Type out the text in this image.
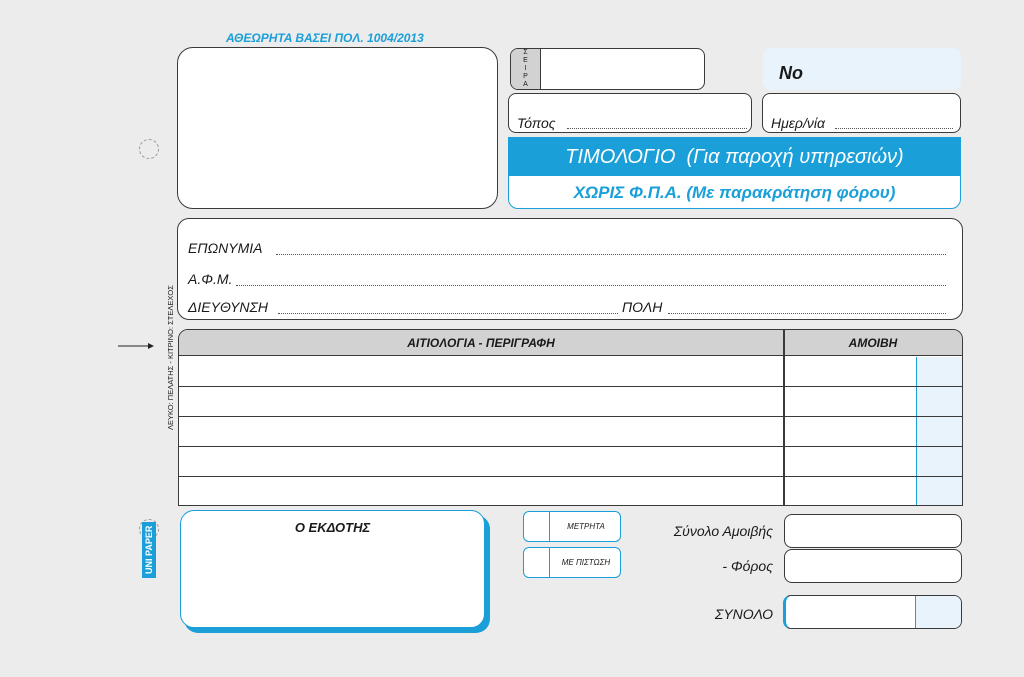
ΑΘΕΩΡΗΤΑ ΒΑΣΕΙ ΠΟΛ. 1004/2013
Σ
Ε
Ι
Ρ
Α
No
Τόπος	Ημερ/νία
ΤΙΜΟΛΟΓΙΟ  (Για παροχή υπηρεσιών)
ΧΩΡΙΣ Φ.Π.Α. (Με παρακράτηση φόρου)
ΕΠΩΝΥΜΙΑ
Α.Φ.Μ.
ΔΙΕΥΘΥΝΣΗ	ΠΟΛΗ
ΛΕΥΚΟ: ΠΕΛΑΤΗΣ - ΚΙΤΡΙΝΟ: ΣΤΕΛΕΧΟΣ	ΑΙΤΙΟΛΟΓΙΑ - ΠΕΡΙΓΡΑΦΗ	ΑΜΟΙΒΗ
Ο ΕΚΔΟΤΗΣ
UNI PAPER	ΜΕΤΡΗΤΑ
ΜΕ ΠΙΣΤΩΣΗ
Σύνολο Αμοιβής
- Φόρος
ΣΥΝΟΛΟ
